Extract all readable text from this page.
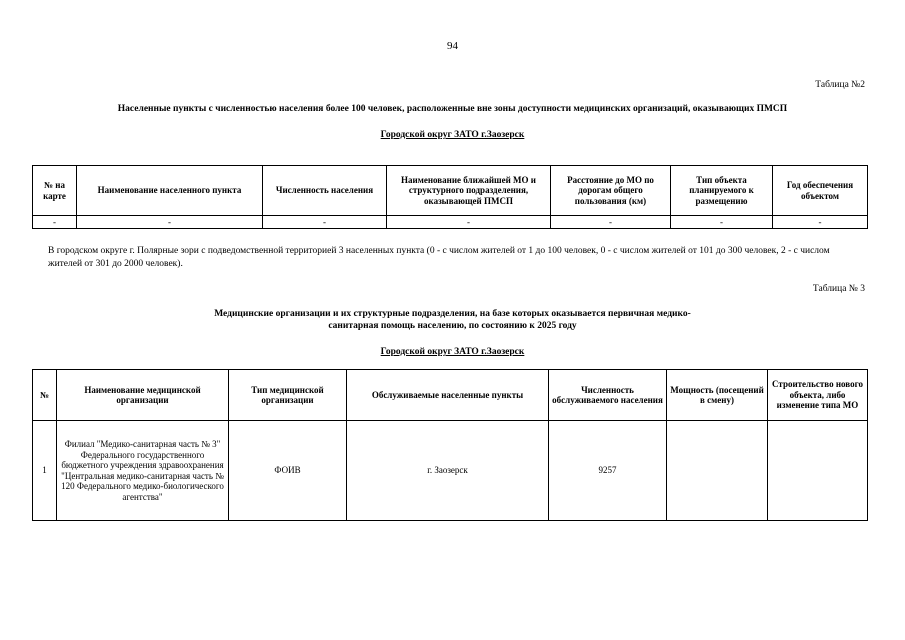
94
Таблица №2
Населенные пункты с численностью населения более 100 человек, расположенные вне зоны доступности медицинских организаций, оказывающих ПМСП
Городской округ ЗАТО г.Заозерск
№ на карте	Наименование населенного пункта	Численность населения	Наименование ближайшей МО и структурного подразделения, оказывающей ПМСП	Расстояние до МО по дорогам общего пользования (км)	Тип объекта планируемого к размещению	Год обеспечения объектом
-	-	-	-	-	-	-
В городском округе г. Полярные зори с подведомственной территорией 3 населенных пункта (0 - с числом жителей от 1 до 100 человек, 0 - с числом жителей от 101 до 300 человек, 2 - с числом жителей от 301 до 2000 человек).
Таблица № 3
Медицинские организации и их структурные подразделения, на базе которых оказывается первичная медико-
санитарная помощь населению, по состоянию к 2025 году
Городской округ ЗАТО г.Заозерск
№	Наименование медицинской организации	Тип медицинской организации	Обслуживаемые населенные пункты	Численность обслуживаемого населения	Мощность (посещений в смену)	Строительство нового объекта, либо изменение типа МО
1	Филиал "Медико-санитарная часть № 3" Федерального государственного бюджетного учреждения здравоохранения "Центральная медико-санитарная часть № 120 Федерального медико-биологического агентства"	ФОИВ	г. Заозерск	9257		
